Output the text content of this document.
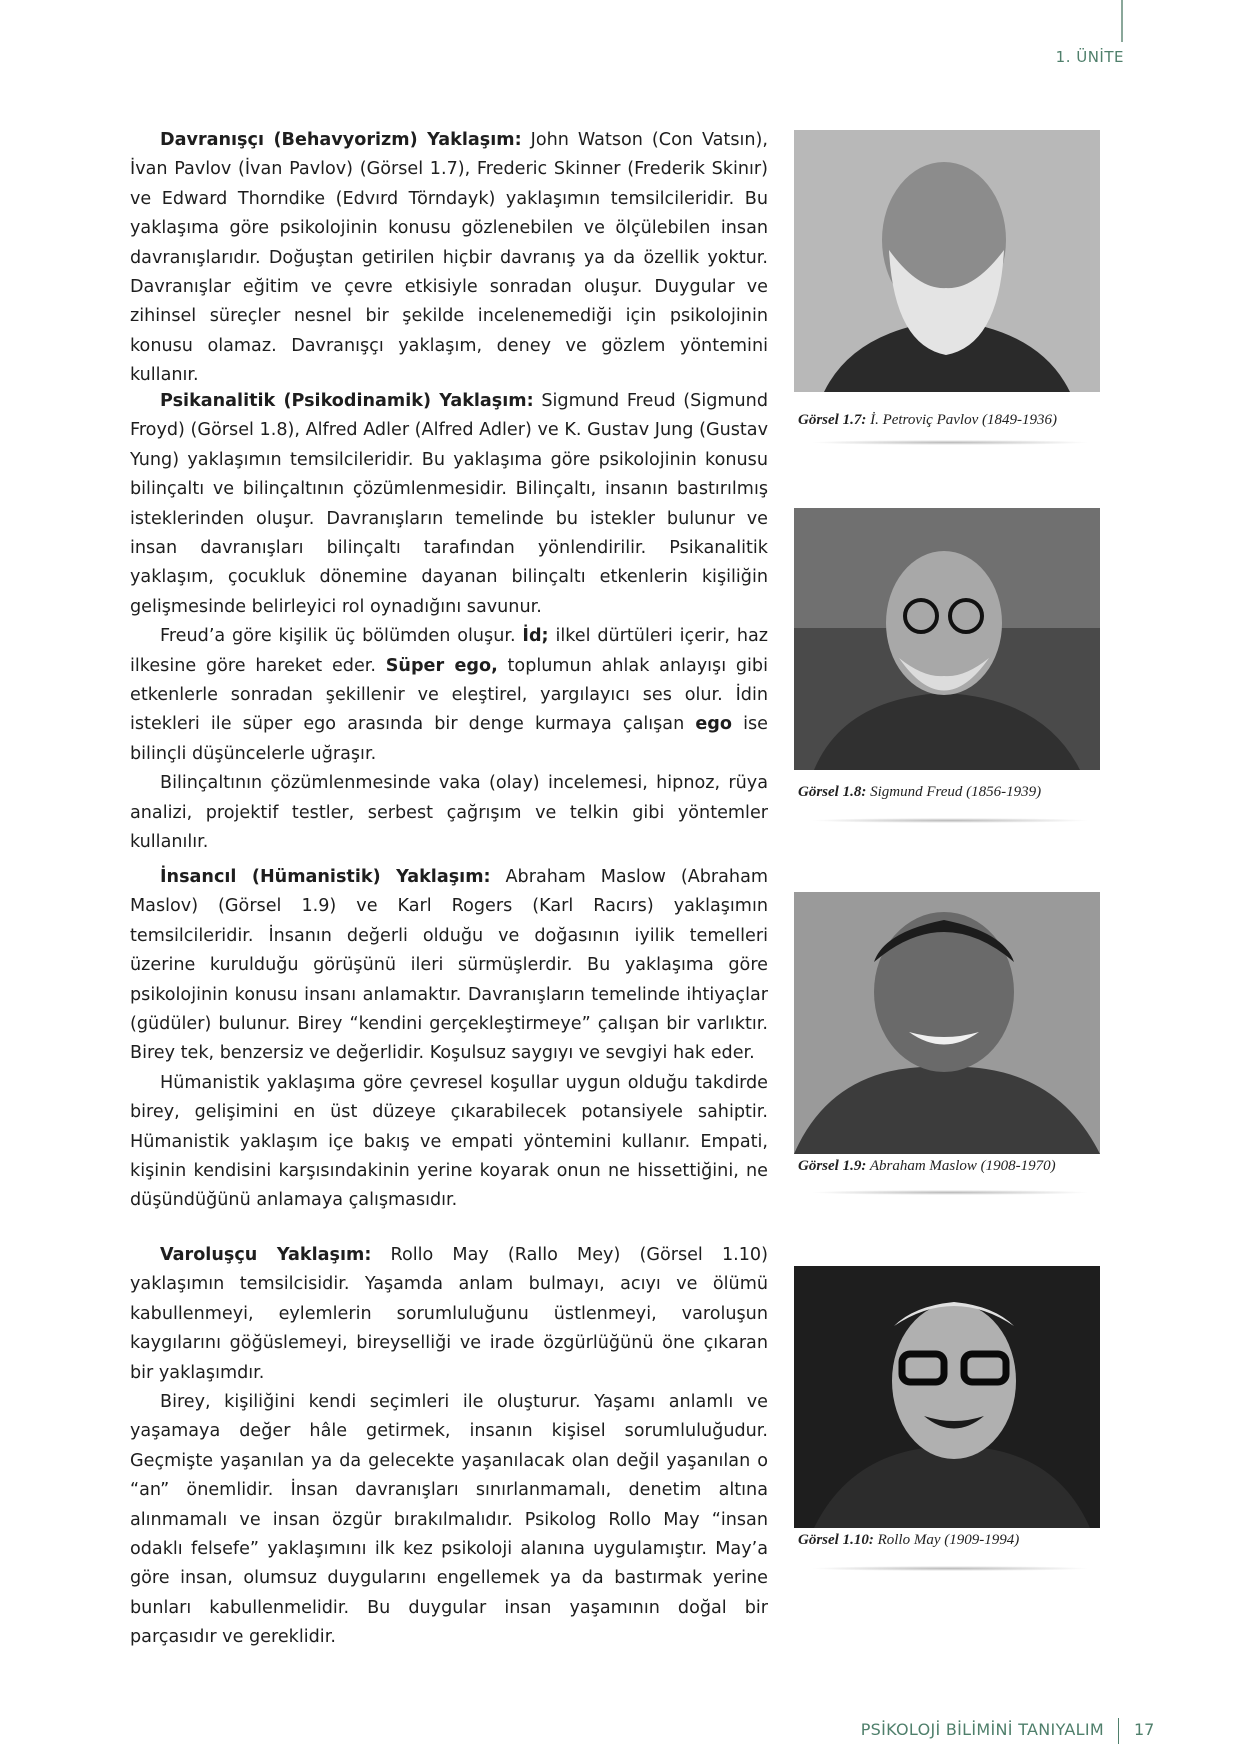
1. ÜNİTE

Davranışçı (Behavyorizm) Yaklaşım: John Watson (Con Vatsın), İvan Pavlov (İvan Pavlov) (Görsel 1.7), Frederic Skinner (Frederik Skinır) ve Edward Thorndike (Edvırd Törndayk) yaklaşımın temsilcileridir. Bu yaklaşıma göre psikolojinin konusu gözlenebilen ve ölçülebilen insan davranışlarıdır. Doğuştan getirilen hiçbir davranış ya da özellik yoktur. Davranışlar eğitim ve çevre etkisiyle sonradan oluşur. Duygular ve zihinsel süreçler nesnel bir şekilde incelenemediği için psikolojinin konusu olamaz. Davranışçı yaklaşım, deney ve gözlem yöntemini kullanır.

Psikanalitik (Psikodinamik) Yaklaşım: Sigmund Freud (Sigmund Froyd) (Görsel 1.8), Alfred Adler (Alfred Adler) ve K. Gustav Jung (Gustav Yung) yaklaşımın temsilcileridir. Bu yaklaşıma göre psikolojinin konusu bilinçaltı ve bilinçaltının çözümlenmesidir. Bilinçaltı, insanın bastırılmış isteklerinden oluşur. Davranışların temelinde bu istekler bulunur ve insan davranışları bilinçaltı tarafından yönlendirilir. Psikanalitik yaklaşım, çocukluk dönemine dayanan bilinçaltı etkenlerin kişiliğin gelişmesinde belirleyici rol oynadığını savunur.

Freud’a göre kişilik üç bölümden oluşur. İd; ilkel dürtüleri içerir, haz ilkesine göre hareket eder. Süper ego, toplumun ahlak anlayışı gibi etkenlerle sonradan şekillenir ve eleştirel, yargılayıcı ses olur. İdin istekleri ile süper ego arasında bir denge kurmaya çalışan ego ise bilinçli düşüncelerle uğraşır.

Bilinçaltının çözümlenmesinde vaka (olay) incelemesi, hipnoz, rüya analizi, projektif testler, serbest çağrışım ve telkin gibi yöntemler kullanılır.

İnsancıl (Hümanistik) Yaklaşım: Abraham Maslow (Abraham Maslov) (Görsel 1.9) ve Karl Rogers (Karl Racırs) yaklaşımın temsilcileridir. İnsanın değerli olduğu ve doğasının iyilik temelleri üzerine kurulduğu görüşünü ileri sürmüşlerdir. Bu yaklaşıma göre psikolojinin konusu insanı anlamaktır. Davranışların temelinde ihtiyaçlar (güdüler) bulunur. Birey “kendini gerçekleştirmeye” çalışan bir varlıktır. Birey tek, benzersiz ve değerlidir. Koşulsuz saygıyı ve sevgiyi hak eder.

Hümanistik yaklaşıma göre çevresel koşullar uygun olduğu takdirde birey, gelişimini en üst düzeye çıkarabilecek potansiyele sahiptir. Hümanistik yaklaşım içe bakış ve empati yöntemini kullanır. Empati, kişinin kendisini karşısındakinin yerine koyarak onun ne hissettiğini, ne düşündüğünü anlamaya çalışmasıdır.

Varoluşçu Yaklaşım: Rollo May (Rallo Mey) (Görsel 1.10) yaklaşımın temsilcisidir. Yaşamda anlam bulmayı, acıyı ve ölümü kabullenmeyi, eylemlerin sorumluluğunu üstlenmeyi, varoluşun kaygılarını göğüslemeyi, bireyselliği ve irade özgürlüğünü öne çıkaran bir yaklaşımdır.

Birey, kişiliğini kendi seçimleri ile oluşturur. Yaşamı anlamlı ve yaşamaya değer hâle getirmek, insanın kişisel sorumluluğudur. Geçmişte yaşanılan ya da gelecekte yaşanılacak olan değil yaşanılan o “an” önemlidir. İnsan davranışları sınırlanmamalı, denetim altına alınmamalı ve insan özgür bırakılmalıdır. Psikolog Rollo May “insan odaklı felsefe” yaklaşımını ilk kez psikoloji alanına uygulamıştır. May’a göre insan, olumsuz duygularını engellemek ya da bastırmak yerine bunları kabullenmelidir. Bu duygular insan yaşamının doğal bir parçasıdır ve gereklidir.

Görsel 1.7: İ. Petroviç Pavlov (1849-1936)
Görsel 1.8: Sigmund Freud (1856-1939)
Görsel 1.9: Abraham Maslow (1908-1970)
Görsel 1.10: Rollo May (1909-1994)
PSİKOLOJİ BİLİMİNİ TANIYALIM 17
